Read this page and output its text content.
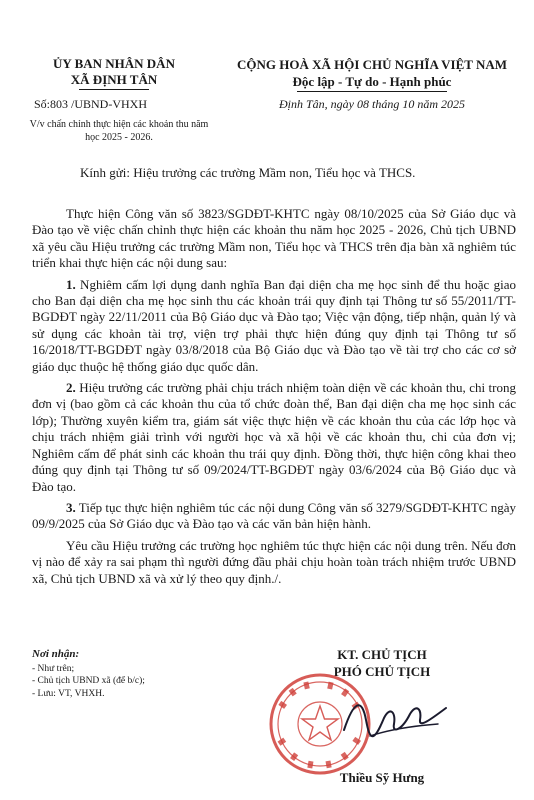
ỦY BAN NHÂN DÂN
XÃ ĐỊNH TÂN
CỘNG HOÀ XÃ HỘI CHỦ NGHĨA VIỆT NAM
Độc lập - Tự do - Hạnh phúc
Số:803 /UBND-VHXH	Định Tân, ngày 08 tháng 10 năm 2025
V/v chấn chỉnh thực hiện các khoản thu năm học 2025 - 2026.
Kính gửi: Hiệu trưởng các trường Mầm non, Tiểu học và THCS.

Thực hiện Công văn số 3823/SGDĐT-KHTC ngày 08/10/2025 của Sở Giáo dục và Đào tạo về việc chấn chỉnh thực hiện các khoản thu năm học 2025 - 2026, Chủ tịch UBND xã yêu cầu Hiệu trưởng các trường Mầm non, Tiểu học và THCS trên địa bàn xã nghiêm túc triển khai thực hiện các nội dung sau:

1. Nghiêm cấm lợi dụng danh nghĩa Ban đại diện cha mẹ học sinh để thu hoặc giao cho Ban đại diện cha mẹ học sinh thu các khoản trái quy định tại Thông tư số 55/2011/TT-BGDĐT ngày 22/11/2011 của Bộ Giáo dục và Đào tạo; Việc vận động, tiếp nhận, quản lý và sử dụng các khoản tài trợ, viện trợ phải thực hiện đúng quy định tại Thông tư số 16/2018/TT-BGDĐT ngày 03/8/2018 của Bộ Giáo dục và Đào tạo về tài trợ cho các cơ sở giáo dục thuộc hệ thống giáo dục quốc dân.

2. Hiệu trưởng các trường phải chịu trách nhiệm toàn diện về các khoản thu, chi trong đơn vị (bao gồm cả các khoản thu của tổ chức đoàn thể, Ban đại diện cha mẹ học sinh các lớp); Thường xuyên kiểm tra, giám sát việc thực hiện về các khoản thu của các lớp học và chịu trách nhiệm giải trình với người học và xã hội về các khoản thu, chi của đơn vị; Nghiêm cấm để phát sinh các khoản thu trái quy định. Đồng thời, thực hiện công khai theo đúng quy định tại Thông tư số 09/2024/TT-BGDĐT ngày 03/6/2024 của Bộ Giáo dục và Đào tạo.

3. Tiếp tục thực hiện nghiêm túc các nội dung Công văn số 3279/SGDĐT-KHTC ngày 09/9/2025 của Sở Giáo dục và Đào tạo và các văn bản hiện hành.

Yêu cầu Hiệu trưởng các trường học nghiêm túc thực hiện các nội dung trên. Nếu đơn vị nào để xảy ra sai phạm thì người đứng đầu phải chịu hoàn toàn trách nhiệm trước UBND xã, Chủ tịch UBND xã và xử lý theo quy định./.

Nơi nhận:
- Như trên;
- Chủ tịch UBND xã (để b/c);
- Lưu: VT, VHXH.
KT. CHỦ TỊCH
PHÓ CHỦ TỊCH
Thiều Sỹ Hưng
